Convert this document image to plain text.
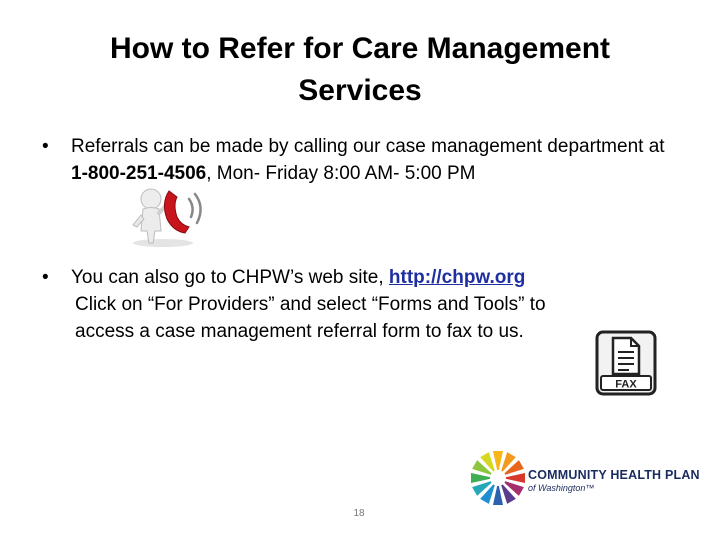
How to Refer for Care Management
Services
• Referrals can be made by calling our case management department at 1-800-251-4506, Mon- Friday 8:00 AM- 5:00 PM
• You can also go to CHPW’s web site, http://chpw.org
Click on “For Providers” and select “Forms and Tools” to
access a case management referral form to fax to us.
FAX
COMMUNITY HEALTH PLAN
of Washington™
18
